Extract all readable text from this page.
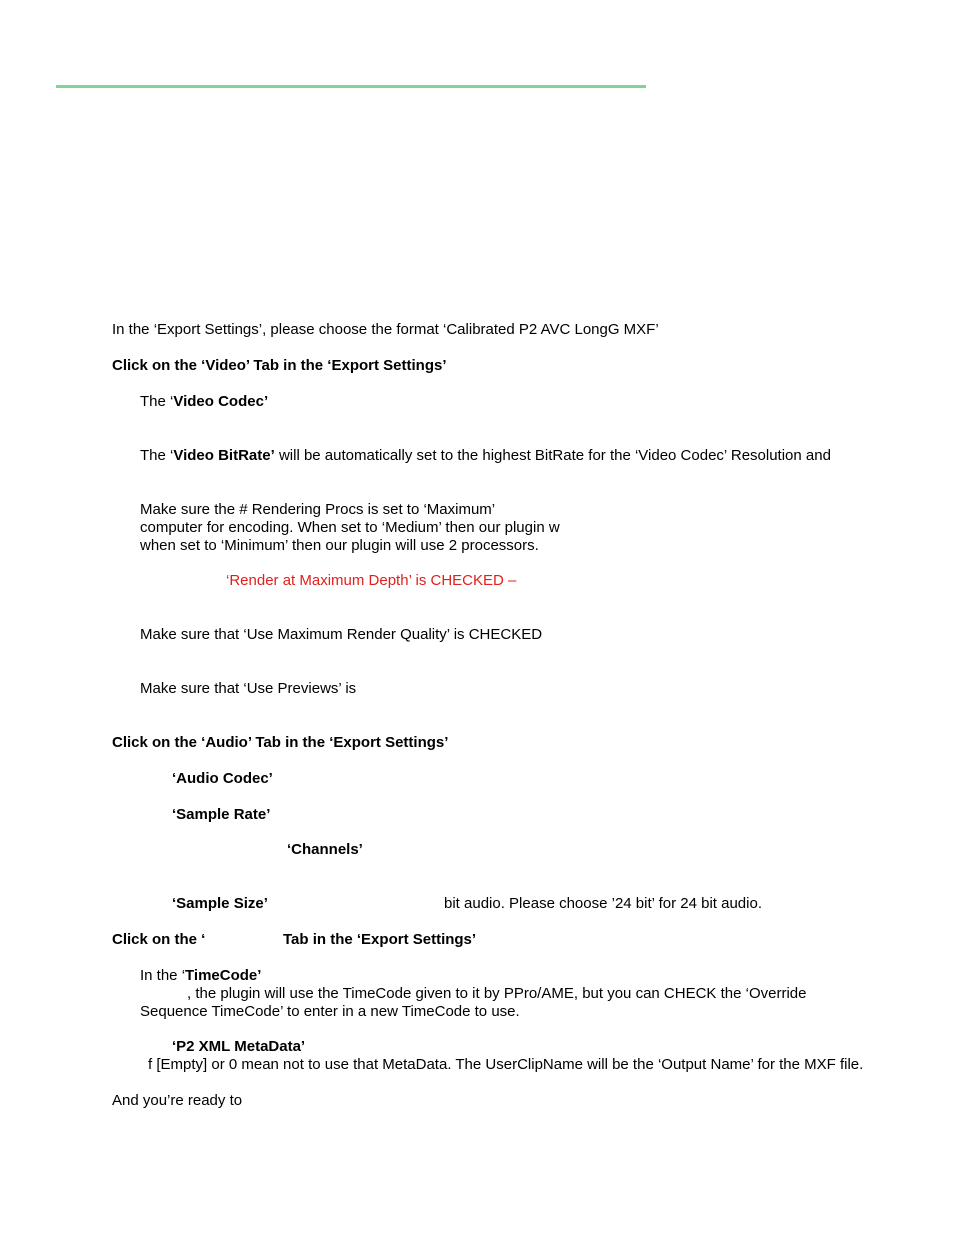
In the ‘Export Settings’, please choose the format ‘Calibrated P2 AVC LongG MXF’
Click on the ‘Video’ Tab in the ‘Export Settings’
The ‘Video Codec’
The ‘Video BitRate’ will be automatically set to the highest BitRate for the ‘Video Codec’ Resolution and
Make sure the # Rendering Procs is set to ‘Maximum’
computer for encoding. When set to ‘Medium’ then our plugin w
when set to ‘Minimum’ then our plugin will use 2 processors.
‘Render at Maximum Depth’ is CHECKED –
Make sure that ‘Use Maximum Render Quality’ is CHECKED
Make sure that ‘Use Previews’ is
Click on the ‘Audio’ Tab in the ‘Export Settings’
‘Audio Codec’
‘Sample Rate’
‘Channels’
‘Sample Size’	bit audio. Please choose ’24 bit’ for 24 bit audio.
Click on the ‘	Tab in the ‘Export Settings’
In the ‘TimeCode’
, the plugin will use the TimeCode given to it by PPro/AME, but you can CHECK the ‘Override
Sequence TimeCode’ to enter in a new TimeCode to use.
‘P2 XML MetaData’
f [Empty] or 0 mean not to use that MetaData. The UserClipName will be the ‘Output Name’ for the MXF file.
And you’re ready to
